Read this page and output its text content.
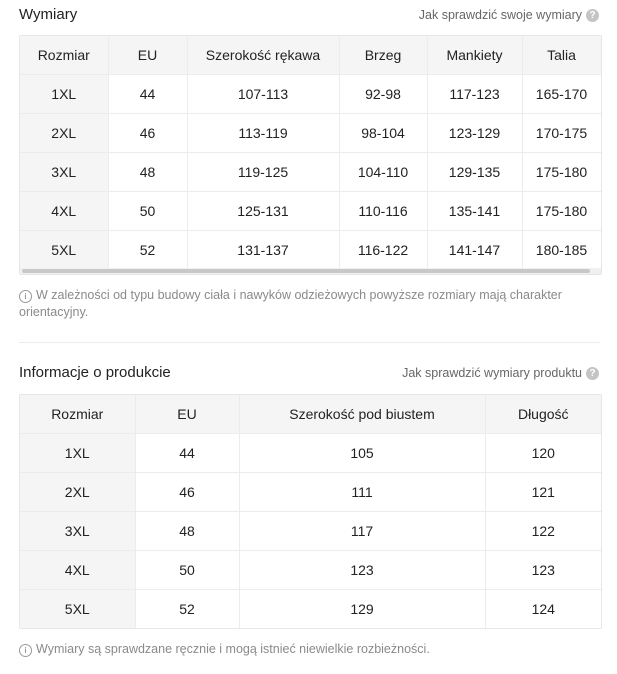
Wymiary	Jak sprawdzić swoje wymiary ?
Rozmiar	EU	Szerokość rękawa	Brzeg	Mankiety	Talia
1XL	44	107-113	92-98	117-123	165-170
2XL	46	113-119	98-104	123-129	170-175
3XL	48	119-125	104-110	129-135	175-180
4XL	50	125-131	110-116	135-141	175-180
5XL	52	131-137	116-122	141-147	180-185
i W zależności od typu budowy ciała i nawyków odzieżowych powyższe rozmiary mają charakter orientacyjny.
Informacje o produkcie	Jak sprawdzić wymiary produktu ?
Rozmiar	EU	Szerokość pod biustem	Długość
1XL	44	105	120
2XL	46	111	121
3XL	48	117	122
4XL	50	123	123
5XL	52	129	124
i Wymiary są sprawdzane ręcznie i mogą istnieć niewielkie rozbieżności.
